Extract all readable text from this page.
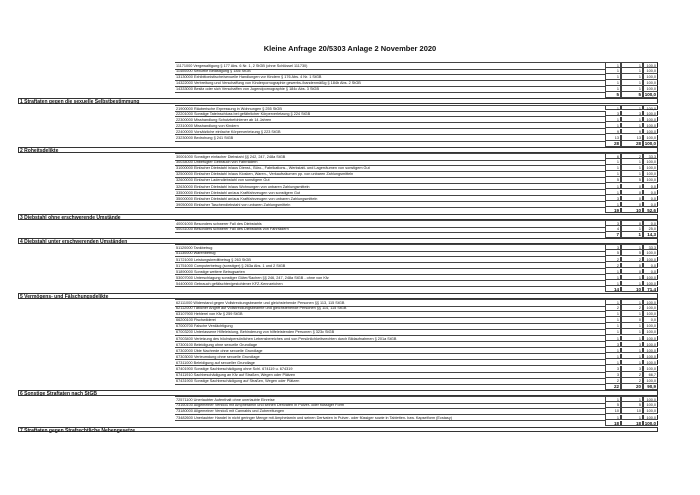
Kleine Anfrage 20/5303 Anlage 2 November 2020
11171000 Vergewaltigung § 177 Abs. 6 Nr. 1, 2 StGB (ohne Schlüssel 111730)	1	1	100,0
11400000 Sexuelle Belästigung § 184i StGB	1	1	100,0
13130000 Exhibitionistische/sexuelle Handlungen vor Kindern § 176 Abs. 4 Nr. 1 StGB	1	1	100,0
14322000 Verbreitung und Verschaffung von Kinderpornographie gewerbs-/bandenmäßig § 184b Abs. 2 StGB	1	1	100,0
14333000 Besitz oder sich Verschaffen von Jugendpornographie § 184c Abs. 3 StGB	1	1	100,0
5	5 100,0
1 Straftaten gegen die sexuelle Selbstbestimmung
21900000 Räuberische Erpressung in Wohnungen § 255 StGB	1	1	100,0
22201000 Sonstige Tateinschluss bei gefährlicher Körperverletzung § 224 StGB	3	3	100,0
22300000 Misshandlung Schutzbefohlener ab 14 Jahren	1	1	100,0
22310000 Misshandlung von Kindern	1	1	100,0
22400000 Vorsätzliche einfache Körperverletzung § 223 StGB	9	9	100,0
23230000 Bedrohung § 241 StGB	13	13	100,0
28	28 100,0
2 Roheitsdelikte
30001000 Sonstiger einfacher Diebstahl §§ 242, 247, 248a StGB	6	2	33,3
30034000 Unbefugter Gebrauch von Fahrrädern	1	1	100,0
31000000 Einfacher Diebstahl in/aus Dienst-, Büro-, Fabrikations-, Werkstatt- und Lagerräumen von sonstigem Gut	1	1	100,0
32500000 Einfacher Diebstahl in/aus Kiosken, Waren-, Verkaufsräumen pp. von unbaren Zahlungsmitteln	1	1	100,0
32600000 Einfacher Ladendiebstahl von sonstigem Gut	5	5	100,0
32630000 Einfacher Diebstahl in/aus Wohnungen von unbaren Zahlungsmitteln	1	0	0,0
33500000 Einfacher Diebstahl an/aus Kraftfahrzeugen von sonstigem Gut	1	0	0,0
35000000 Einfacher Diebstahl an/aus Kraftfahrzeugen von unbaren Zahlungsmitteln	3	0	0,0
39050000 Einfacher Taschendiebstahl von unbaren Zahlungsmitteln	1	0	0,0
19	10	52,6
3 Diebstahl ohne erschwerende Umstände
40001000 Besonders schwerer Fall des Diebstahls	3	0	0,0
40031000 Besonders schwerer Fall des Diebstahls von Fahrrädern	4	1	25,0
7	1	14,3
4 Diebstahl unter erschwerenden Umständen
51120000 Tankbetrug	3	1	33,3
51130000 Warenbetrug	5	5	100,0
51721000 Leistungskreditbetrug § 263 StGB	2	2	100,0
51751000 Computerbetrug (sonstiger) § 263a Abs. 1 und 2 StGB	2	0	0,0
51890000 Sonstige weitere Betrugsarten	1	0	0,0
53007000 Unterschlagung sonstiger Güter/Sachen §§ 246, 247, 248a StGB - ohne von Kfz	1	1	100,0
54400000 Gebrauch gefälschter/gestohlener KFZ-Kennzeichen	1	1	100,0
14	10	71,4
5 Vermögens- und Fälschungsdelikte
62111000 Widerstand gegen Vollstreckungsbeamte und gleichstehende Personen §§ 113, 115 StGB	1	1	100,0
62112000 Tätlicher Angriff auf Vollstreckungsbeamte und gleichstehende Personen §§ 114, 115 StGB	2	2	100,0
63107900 Hehlerei von Kfz § 259 StGB	1	1	100,0
66200100 Fischwilderei	1	0	0,0
67000700 Falsche Verdächtigung	1	1	100,0
67003200 Unterlassene Hilfeleistung, Behinderung von hilfeleistenden Personen § 323c StGB	1	1	100,0
67003400 Verletzung des höchstpersönlichen Lebensbereiches und von Persönlichkeitsrechten durch Bildaufnahmen § 201a StGB	1	1	100,0
67300100 Beleidigung ohne sexuelle Grundlage	3	3	100,0
67302000 Üble Nachrede ohne sexuelle Grundlage	1	1	100,0
67303000 Verleumdung ohne sexuelle Grundlage	1	1	100,0
67311000 Beleidigung auf sexueller Grundlage	1	1	100,0
67401900 Sonstige Sachbeschädigung ohne Schl. 674119 u. 674319	3	3	100,0
67411910 Sachbeschädigung an Kfz auf Straßen, Wegen oder Plätzen	3	2	66,7
67431900 Sonstige Sachbeschädigung auf Straßen, Wegen oder Plätzen	2	2	100,0
22	20	90,9
6 Sonstige Straftaten nach StGB
72571100 Unerlaubter Aufenthalt ohne unerlaubte Einreise	1	1	100,0
73160100 Allgemeiner Verstoß mit Amphetamin und seinen Derivaten in Pulver- oder flüssiger Form	5	5	100,0
73180000 Allgemeiner Verstoß mit Cannabis und Zubereitungen	10	10	100,0
73482600 Unerlaubter Handel in nicht geringer Menge mit Amphetamin und seinen Derivaten in Pulver- oder flüssiger sowie in Tabletten- bzw. Kapselform (Ecstasy)	1	1	100,0
18	18 100,0
7 Straftaten gegen Strafrechtliche Nebengesetze
